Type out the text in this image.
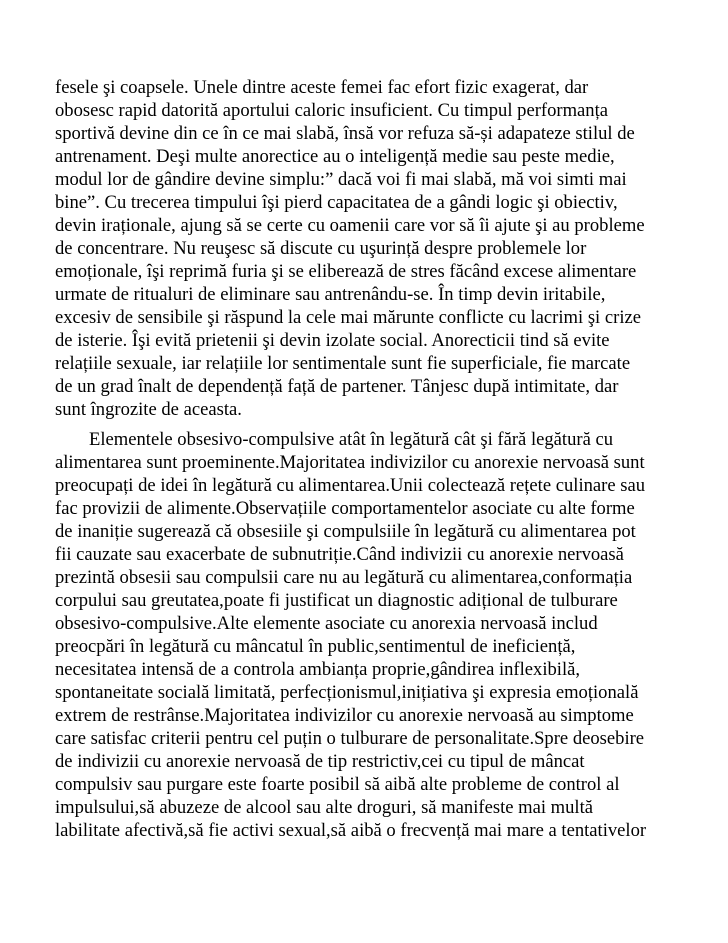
fesele şi coapsele. Unele dintre aceste femei fac efort fizic exagerat, dar
obosesc rapid datorită aportului caloric insuficient. Cu timpul performanța
sportivă devine din ce în ce mai slabă, însă vor refuza să-și adapateze stilul de
antrenament. Deşi multe anorectice au o inteligență medie sau peste medie,
modul lor de gândire devine simplu:” dacă voi fi mai slabă, mă voi simti mai
bine”. Cu trecerea timpului îşi pierd capacitatea de a gândi logic şi obiectiv,
devin iraționale, ajung să se certe cu oamenii care vor să îi ajute şi au probleme
de concentrare. Nu reuşesc să discute cu uşurință despre problemele lor
emoționale, îşi reprimă furia şi se eliberează de stres făcând excese alimentare
urmate de ritualuri de eliminare sau antrenându-se. În timp devin iritabile,
excesiv de sensibile şi răspund la cele mai mărunte conflicte cu lacrimi şi crize
de isterie. Îşi evită prietenii şi devin izolate social. Anorecticii tind să evite
relațiile sexuale, iar relațiile lor sentimentale sunt fie superficiale, fie marcate
de un grad înalt de dependență față de partener. Tânjesc după intimitate, dar
sunt îngrozite de aceasta.
Elementele obsesivo-compulsive atât în legătură cât şi fără legătură cu
alimentarea sunt proeminente.Majoritatea indivizilor cu anorexie nervoasă sunt
preocupați de idei în legătură cu alimentarea.Unii colectează rețete culinare sau
fac provizii de alimente.Observațiile comportamentelor asociate cu alte forme
de inaniție sugerează că obsesiile şi compulsiile în legătură cu alimentarea pot
fii cauzate sau exacerbate de subnutriție.Când indivizii cu anorexie nervoasă
prezintă obsesii sau compulsii care nu au legătură cu alimentarea,conformația
corpului sau greutatea,poate fi justificat un diagnostic adițional de tulburare
obsesivo-compulsive.Alte elemente asociate cu anorexia nervoasă includ
preocpări în legătură cu mâncatul în public,sentimentul de ineficiență,
necesitatea intensă de a controla ambianța proprie,gândirea inflexibilă,
spontaneitate socială limitată, perfecționismul,inițiativa şi expresia emoțională
extrem de restrânse.Majoritatea indivizilor cu anorexie nervoasă au simptome
care satisfac criterii pentru cel puțin o tulburare de personalitate.Spre deosebire
de indivizii cu anorexie nervoasă de tip restrictiv,cei cu tipul de mâncat
compulsiv sau purgare este foarte posibil să aibă alte probleme de control al
impulsului,să abuzeze de alcool sau alte droguri, să manifeste mai multă
labilitate afectivă,să fie activi sexual,să aibă o frecvență mai mare a tentativelor
